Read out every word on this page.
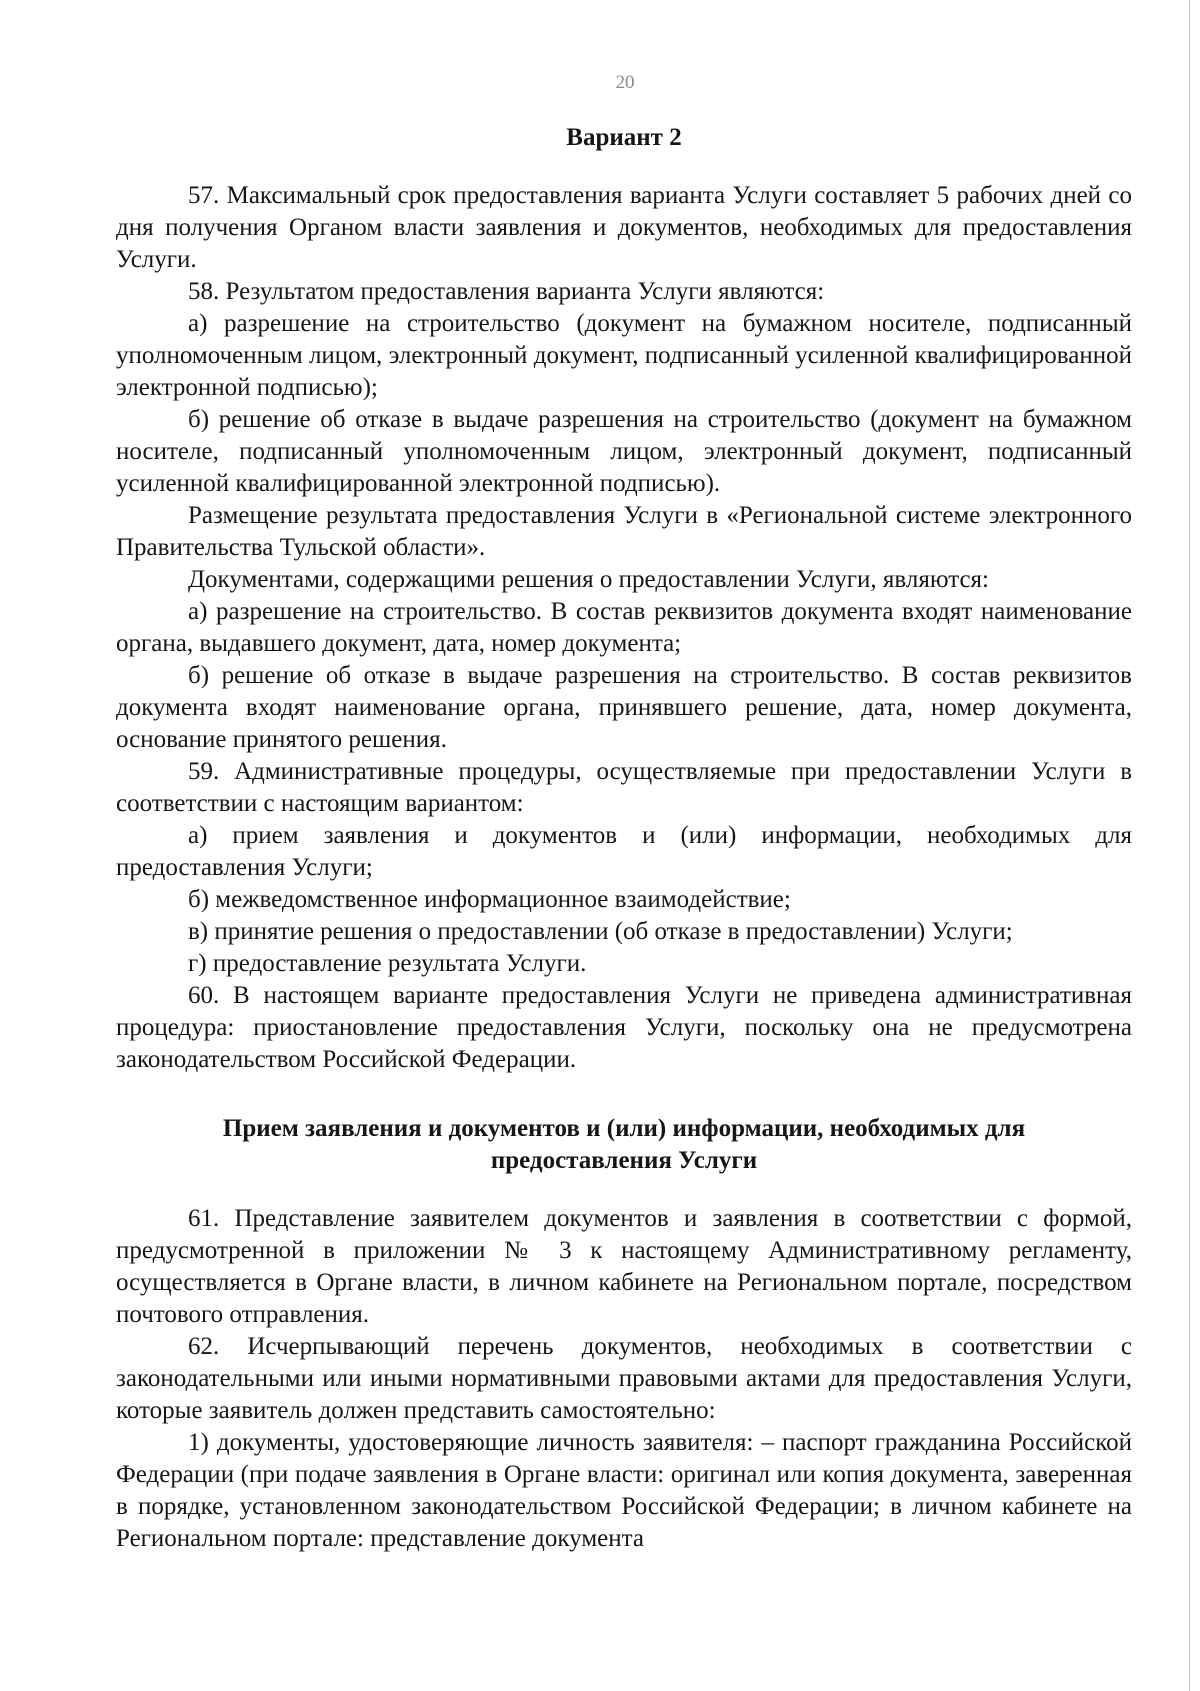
20

Вариант 2

57. Максимальный срок предоставления варианта Услуги составляет 5 рабочих дней со дня получения Органом власти заявления и документов, необходимых для предоставления Услуги.

58. Результатом предоставления варианта Услуги являются:

а) разрешение на строительство (документ на бумажном носителе, подписанный уполномоченным лицом, электронный документ, подписанный усиленной квалифицированной электронной подписью);

б) решение об отказе в выдаче разрешения на строительство (документ на бумажном носителе, подписанный уполномоченным лицом, электронный документ, подписанный усиленной квалифицированной электронной подписью).

Размещение результата предоставления Услуги в «Региональной системе электронного Правительства Тульской области».

Документами, содержащими решения о предоставлении Услуги, являются:

а) разрешение на строительство. В состав реквизитов документа входят наименование органа, выдавшего документ, дата, номер документа;

б) решение об отказе в выдаче разрешения на строительство. В состав реквизитов документа входят наименование органа, принявшего решение, дата, номер документа, основание принятого решения.

59. Административные процедуры, осуществляемые при предоставлении Услуги в соответствии с настоящим вариантом:

а) прием заявления и документов и (или) информации, необходимых для предоставления Услуги;

б) межведомственное информационное взаимодействие;

в) принятие решения о предоставлении (об отказе в предоставлении) Услуги;

г) предоставление результата Услуги.

60. В настоящем варианте предоставления Услуги не приведена административная процедура: приостановление предоставления Услуги, поскольку она не предусмотрена законодательством Российской Федерации.

Прием заявления и документов и (или) информации, необходимых для
предоставления Услуги

61. Представление заявителем документов и заявления в соответствии с формой, предусмотренной в приложении № 3 к настоящему Административному регламенту, осуществляется в Органе власти, в личном кабинете на Региональном портале, посредством почтового отправления.

62. Исчерпывающий перечень документов, необходимых в соответствии с законодательными или иными нормативными правовыми актами для предоставления Услуги, которые заявитель должен представить самостоятельно:

1) документы, удостоверяющие личность заявителя: – паспорт гражданина Российской Федерации (при подаче заявления в Органе власти: оригинал или копия документа, заверенная в порядке, установленном законодательством Российской Федерации; в личном кабинете на Региональном портале: представление документа
